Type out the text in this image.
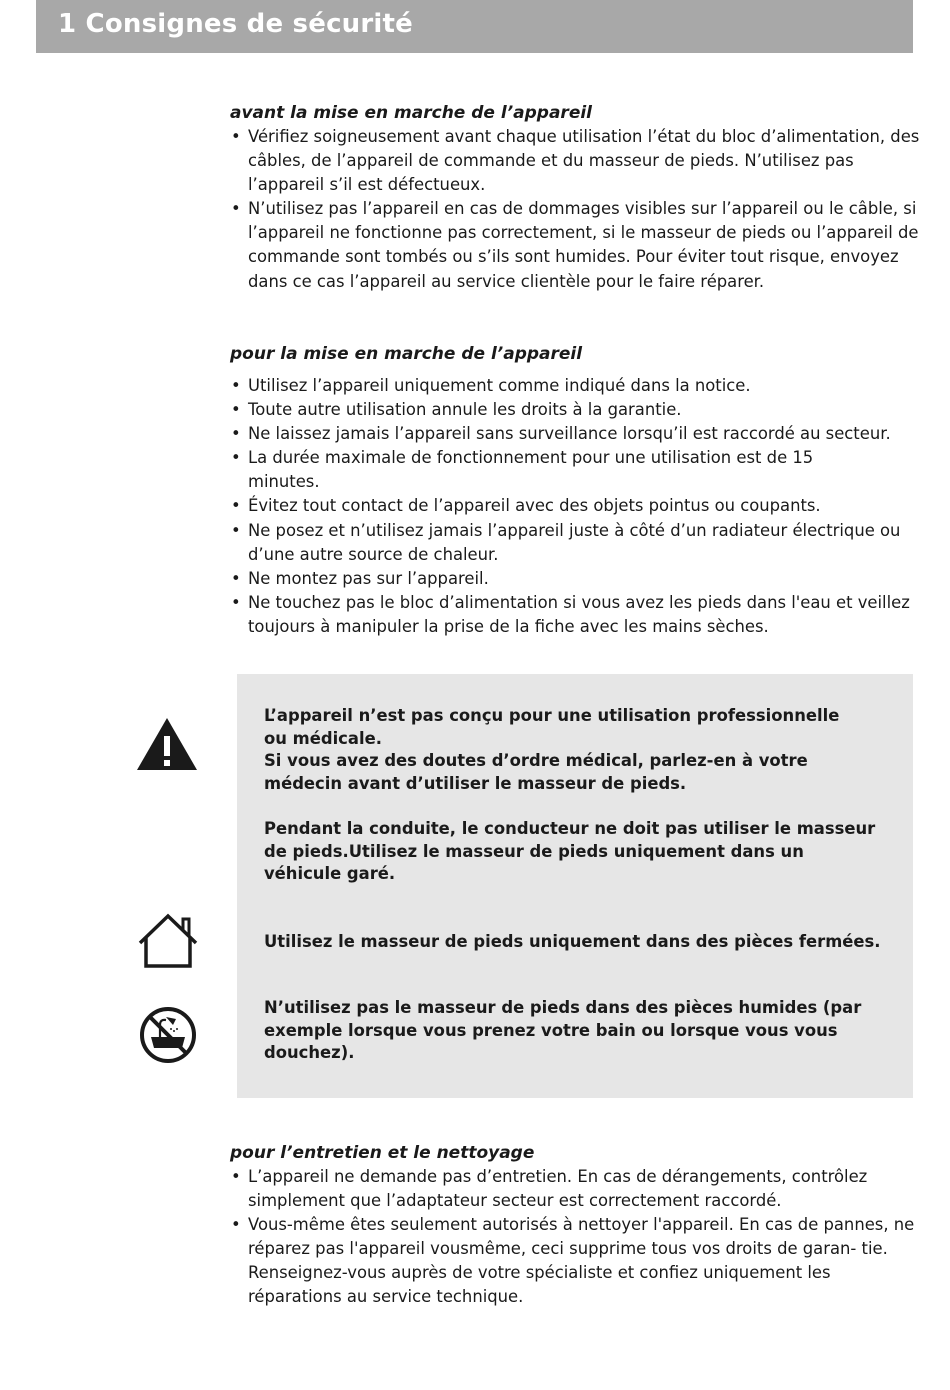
1 Consignes de sécurité

avant la mise en marche de l’appareil

• Vérifiez soigneusement avant chaque utilisation l’état du bloc d’alimentation, des câbles, de l’appareil de commande et du masseur de pieds. N’utilisez pas l’appareil s’il est défectueux.
• N’utilisez pas l’appareil en cas de dommages visibles sur l’appareil ou le câble, si l’appareil ne fonctionne pas correctement, si le masseur de pieds ou l’appareil de commande sont tombés ou s’ils sont humides. Pour éviter tout risque, envoyez dans ce cas l’appareil au service clientèle pour le faire réparer.

pour la mise en marche de l’appareil

• Utilisez l’appareil uniquement comme indiqué dans la notice.
• Toute autre utilisation annule les droits à la garantie.
• Ne laissez jamais l’appareil sans surveillance lorsqu’il est raccordé au secteur.
• La durée maximale de fonctionnement pour une utilisation est de 15 minutes.
• Évitez tout contact de l’appareil avec des objets pointus ou coupants.
• Ne posez et n’utilisez jamais l’appareil juste à côté d’un radiateur électrique ou d’une autre source de chaleur.
• Ne montez pas sur l’appareil.
• Ne touchez pas le bloc d’alimentation si vous avez les pieds dans l'eau et veillez toujours à manipuler la prise de la fiche avec les mains sèches.

L’appareil n’est pas conçu pour une utilisation professionnelle ou médicale.

Si vous avez des doutes d’ordre médical, parlez-en à votre médecin avant d’utiliser le masseur de pieds.

Pendant la conduite, le conducteur ne doit pas utiliser le masseur de pieds.Utilisez le masseur de pieds uniquement dans un véhicule garé.

Utilisez le masseur de pieds uniquement dans des pièces fermées.

N’utilisez pas le masseur de pieds dans des pièces humides (par exemple lorsque vous prenez votre bain ou lorsque vous vous douchez).

pour l’entretien et le nettoyage

• L’appareil ne demande pas d’entretien. En cas de dérangements, contrôlez simplement que l’adaptateur secteur est correctement raccordé.
• Vous-même êtes seulement autorisés à nettoyer l'appareil. En cas de pannes, ne réparez pas l'appareil vousmême, ceci supprime tous vos droits de garan- tie. Renseignez-vous auprès de votre spécialiste et confiez uniquement les réparations au service technique.
